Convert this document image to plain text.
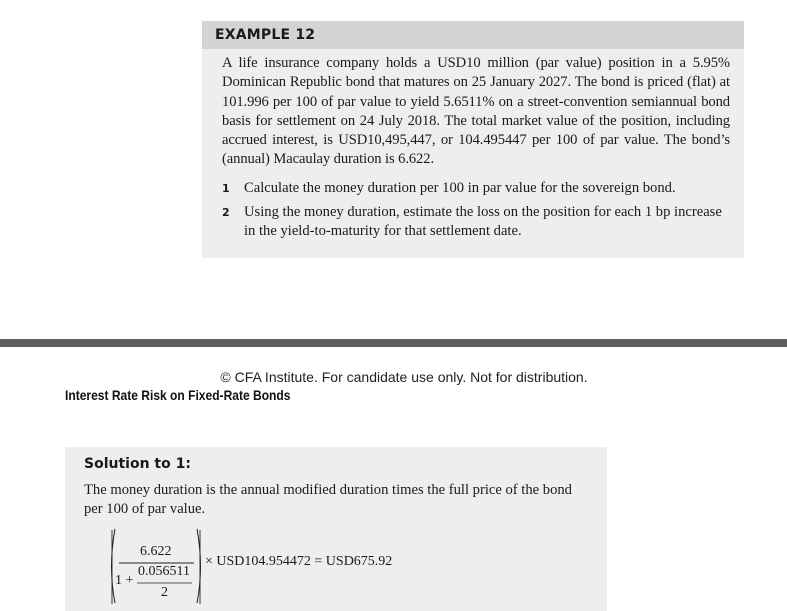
EXAMPLE 12

A life insurance company holds a USD10 million (par value) position in a 5.95% Dominican Republic bond that matures on 25 January 2027. The bond is priced (flat) at 101.996 per 100 of par value to yield 5.6511% on a street-convention semiannual bond basis for settlement on 24 July 2018. The total market value of the position, including accrued interest, is USD10,495,447, or 104.495447 per 100 of par value. The bond’s (annual) Macaulay duration is 6.622.

1 Calculate the money duration per 100 in par value for the sovereign bond.
2 Using the money duration, estimate the loss on the position for each 1 bp increase in the yield-to-maturity for that settlement date.
© CFA Institute. For candidate use only. Not for distribution.
Interest Rate Risk on Fixed-Rate Bonds
Solution to 1:

The money duration is the annual modified duration times the full price of the bond per 100 of par value.

6.622
1 +
0.056511
2
× USD104.954472 = USD675.92
